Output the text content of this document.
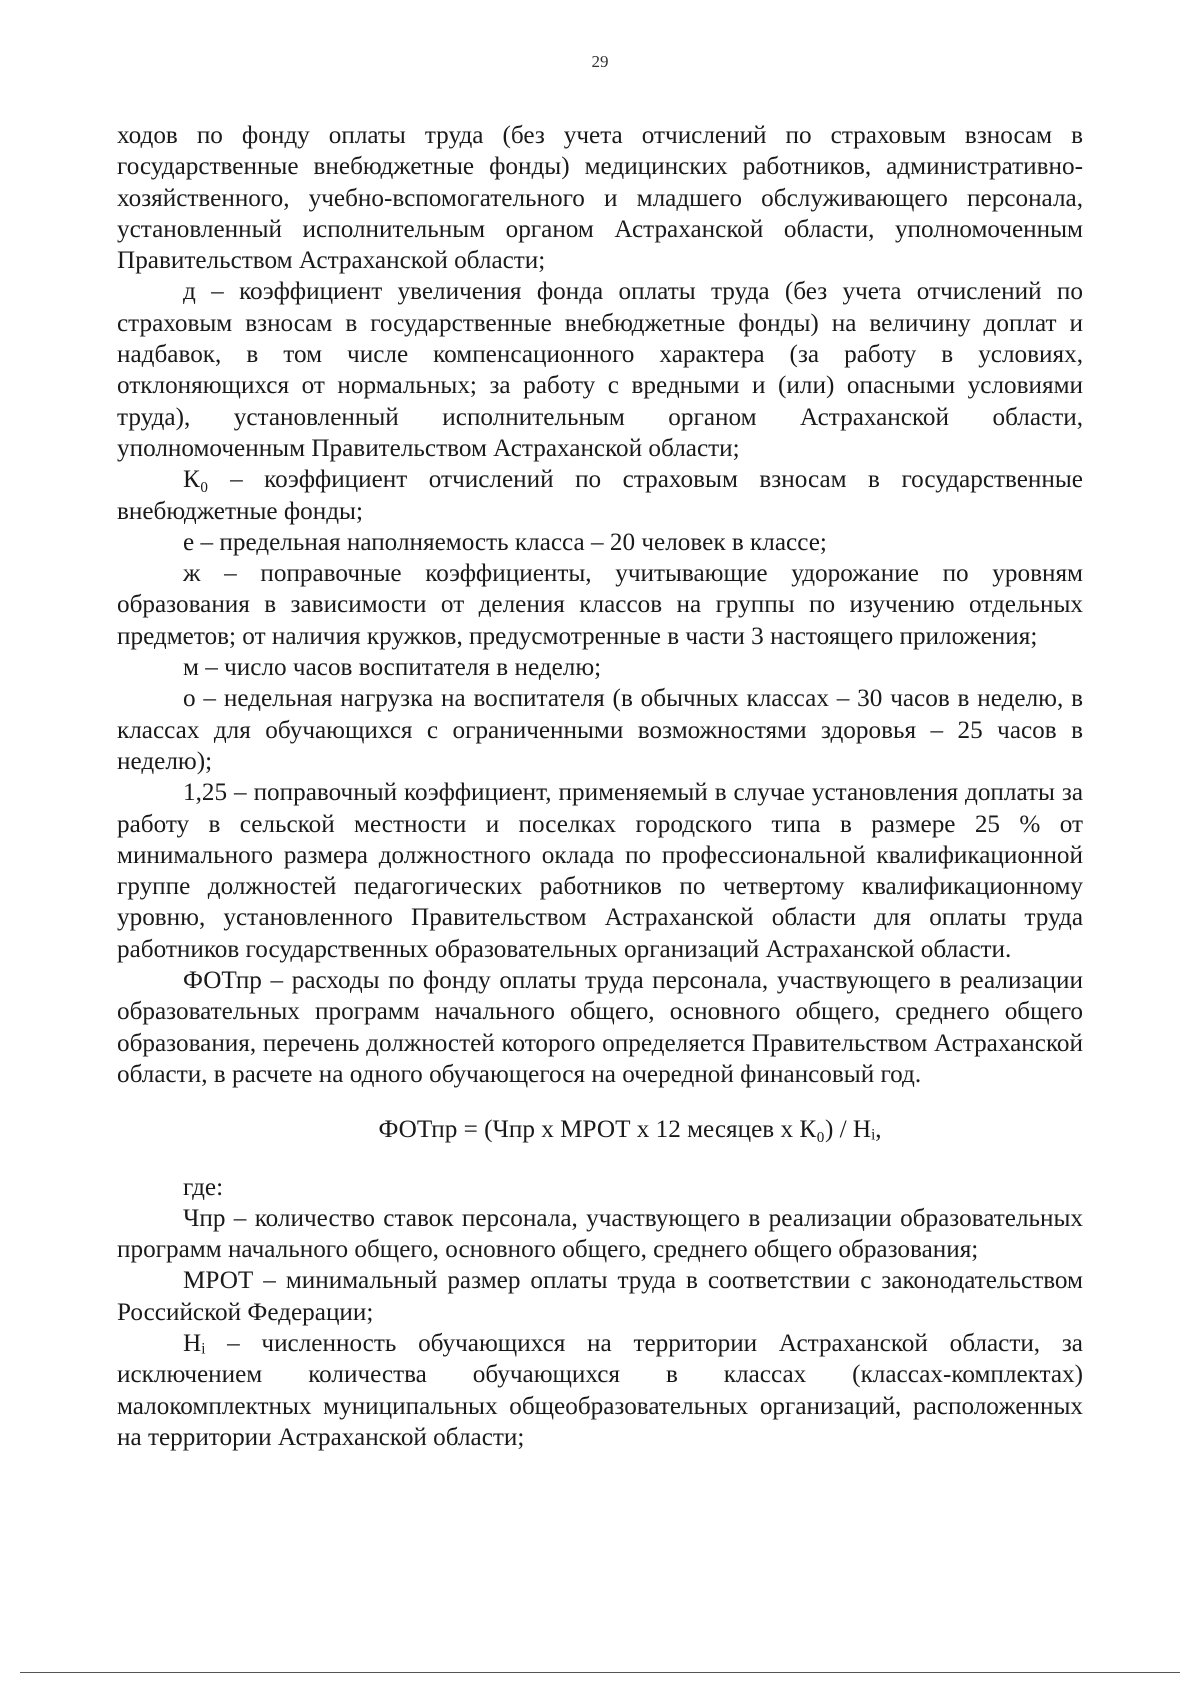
29

ходов по фонду оплаты труда (без учета отчислений по страховым взносам в государственные внебюджетные фонды) медицинских работников, административно-хозяйственного, учебно-вспомогательного и младшего обслуживающего персонала, установленный исполнительным органом Астраханской области, уполномоченным Правительством Астраханской области;

д – коэффициент увеличения фонда оплаты труда (без учета отчислений по страховым взносам в государственные внебюджетные фонды) на величину доплат и надбавок, в том числе компенсационного характера (за работу в условиях, отклоняющихся от нормальных; за работу с вредными и (или) опасными условиями труда), установленный исполнительным органом Астраханской области, уполномоченным Правительством Астраханской области;

К₀ – коэффициент отчислений по страховым взносам в государственные внебюджетные фонды;

е – предельная наполняемость класса – 20 человек в классе;

ж – поправочные коэффициенты, учитывающие удорожание по уровням образования в зависимости от деления классов на группы по изучению отдельных предметов; от наличия кружков, предусмотренные в части 3 настоящего приложения;

м – число часов воспитателя в неделю;

о – недельная нагрузка на воспитателя (в обычных классах – 30 часов в неделю, в классах для обучающихся с ограниченными возможностями здоровья – 25 часов в неделю);

1,25 – поправочный коэффициент, применяемый в случае установления доплаты за работу в сельской местности и поселках городского типа в размере 25 % от минимального размера должностного оклада по профессиональной квалификационной группе должностей педагогических работников по четвертому квалификационному уровню, установленного Правительством Астраханской области для оплаты труда работников государственных образовательных организаций Астраханской области.

ФОТпр – расходы по фонду оплаты труда персонала, участвующего в реализации образовательных программ начального общего, основного общего, среднего общего образования, перечень должностей которого определяется Правительством Астраханской области, в расчете на одного обучающегося на очередной финансовый год.

ФОТпр = (Чпр х МРОТ х 12 месяцев х К₀) / Нᵢ,

где:

Чпр – количество ставок персонала, участвующего в реализации образовательных программ начального общего, основного общего, среднего общего образования;

МРОТ – минимальный размер оплаты труда в соответствии с законодательством Российской Федерации;

Нᵢ – численность обучающихся на территории Астраханской области, за исключением количества обучающихся в классах (классах-комплектах) малокомплектных муниципальных общеобразовательных организаций, расположенных на территории Астраханской области;
